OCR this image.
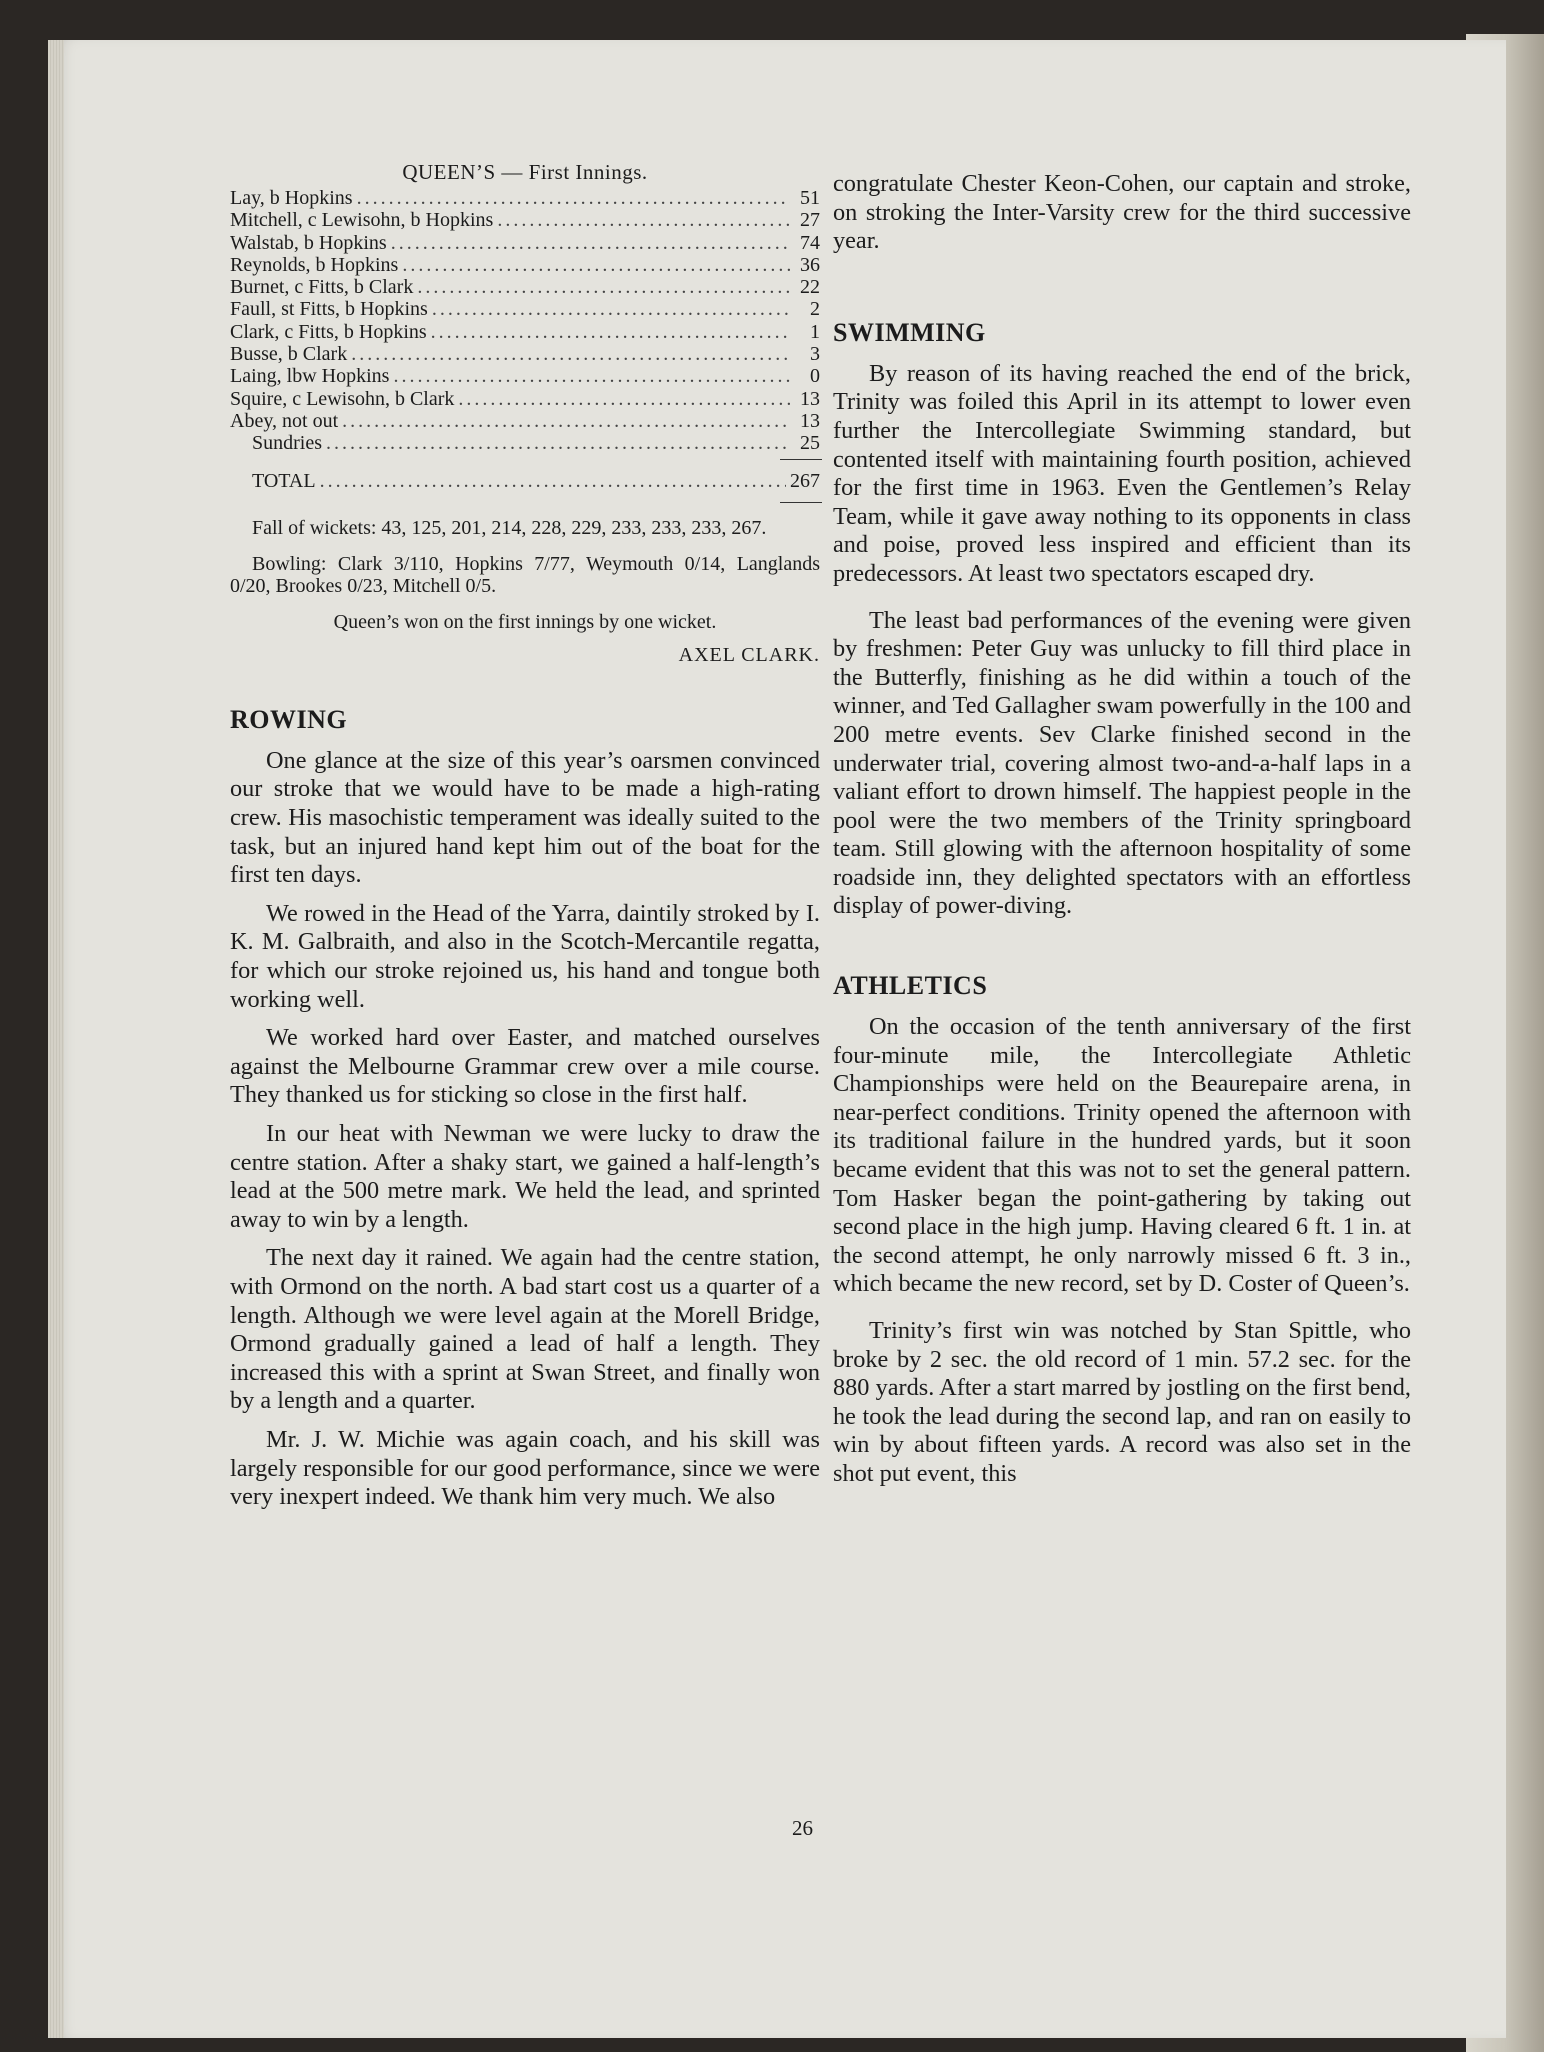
QUEEN’S — First Innings.
Lay, b Hopkins .....	51
Mitchell, c Lewisohn, b Hopkins .....	27
Walstab, b Hopkins .....	74
Reynolds, b Hopkins .....	36
Burnet, c Fitts, b Clark .....	22
Faull, st Fitts, b Hopkins .....	2
Clark, c Fitts, b Hopkins .....	1
Busse, b Clark .....	3
Laing, lbw Hopkins .....	0
Squire, c Lewisohn, b Clark .....	13
Abey, not out .....	13
Sundries .....	25
TOTAL .....	267

Fall of wickets: 43, 125, 201, 214, 228, 229, 233, 233, 233, 267.

Bowling: Clark 3/110, Hopkins 7/77, Weymouth 0/14, Langlands 0/20, Brookes 0/23, Mitchell 0/5.

Queen’s won on the first innings by one wicket.

AXEL CLARK.

ROWING

One glance at the size of this year’s oarsmen convinced our stroke that we would have to be made a high-rating crew. His masochistic temperament was ideally suited to the task, but an injured hand kept him out of the boat for the first ten days.

We rowed in the Head of the Yarra, daintily stroked by I. K. M. Galbraith, and also in the Scotch-Mercantile regatta, for which our stroke rejoined us, his hand and tongue both working well.

We worked hard over Easter, and matched ourselves against the Melbourne Grammar crew over a mile course. They thanked us for sticking so close in the first half.

In our heat with Newman we were lucky to draw the centre station. After a shaky start, we gained a half-length’s lead at the 500 metre mark. We held the lead, and sprinted away to win by a length.

The next day it rained. We again had the centre station, with Ormond on the north. A bad start cost us a quarter of a length. Although we were level again at the Morell Bridge, Ormond gradually gained a lead of half a length. They increased this with a sprint at Swan Street, and finally won by a length and a quarter.

Mr. J. W. Michie was again coach, and his skill was largely responsible for our good performance, since we were very inexpert indeed. We thank him very much. We also

congratulate Chester Keon-Cohen, our captain and stroke, on stroking the Inter-Varsity crew for the third successive year.

SWIMMING

By reason of its having reached the end of the brick, Trinity was foiled this April in its attempt to lower even further the Intercollegiate Swimming standard, but contented itself with maintaining fourth position, achieved for the first time in 1963. Even the Gentlemen’s Relay Team, while it gave away nothing to its opponents in class and poise, proved less inspired and efficient than its predecessors. At least two spectators escaped dry.

The least bad performances of the evening were given by freshmen: Peter Guy was unlucky to fill third place in the Butterfly, finishing as he did within a touch of the winner, and Ted Gallagher swam powerfully in the 100 and 200 metre events. Sev Clarke finished second in the underwater trial, covering almost two-and-a-half laps in a valiant effort to drown himself. The happiest people in the pool were the two members of the Trinity springboard team. Still glowing with the afternoon hospitality of some roadside inn, they delighted spectators with an effortless display of power-diving.

ATHLETICS

On the occasion of the tenth anniversary of the first four-minute mile, the Intercollegiate Athletic Championships were held on the Beaurepaire arena, in near-perfect conditions. Trinity opened the afternoon with its traditional failure in the hundred yards, but it soon became evident that this was not to set the general pattern. Tom Hasker began the point-gathering by taking out second place in the high jump. Having cleared 6 ft. 1 in. at the second attempt, he only narrowly missed 6 ft. 3 in., which became the new record, set by D. Coster of Queen’s.

Trinity’s first win was notched by Stan Spittle, who broke by 2 sec. the old record of 1 min. 57.2 sec. for the 880 yards. After a start marred by jostling on the first bend, he took the lead during the second lap, and ran on easily to win by about fifteen yards. A record was also set in the shot put event, this

26
